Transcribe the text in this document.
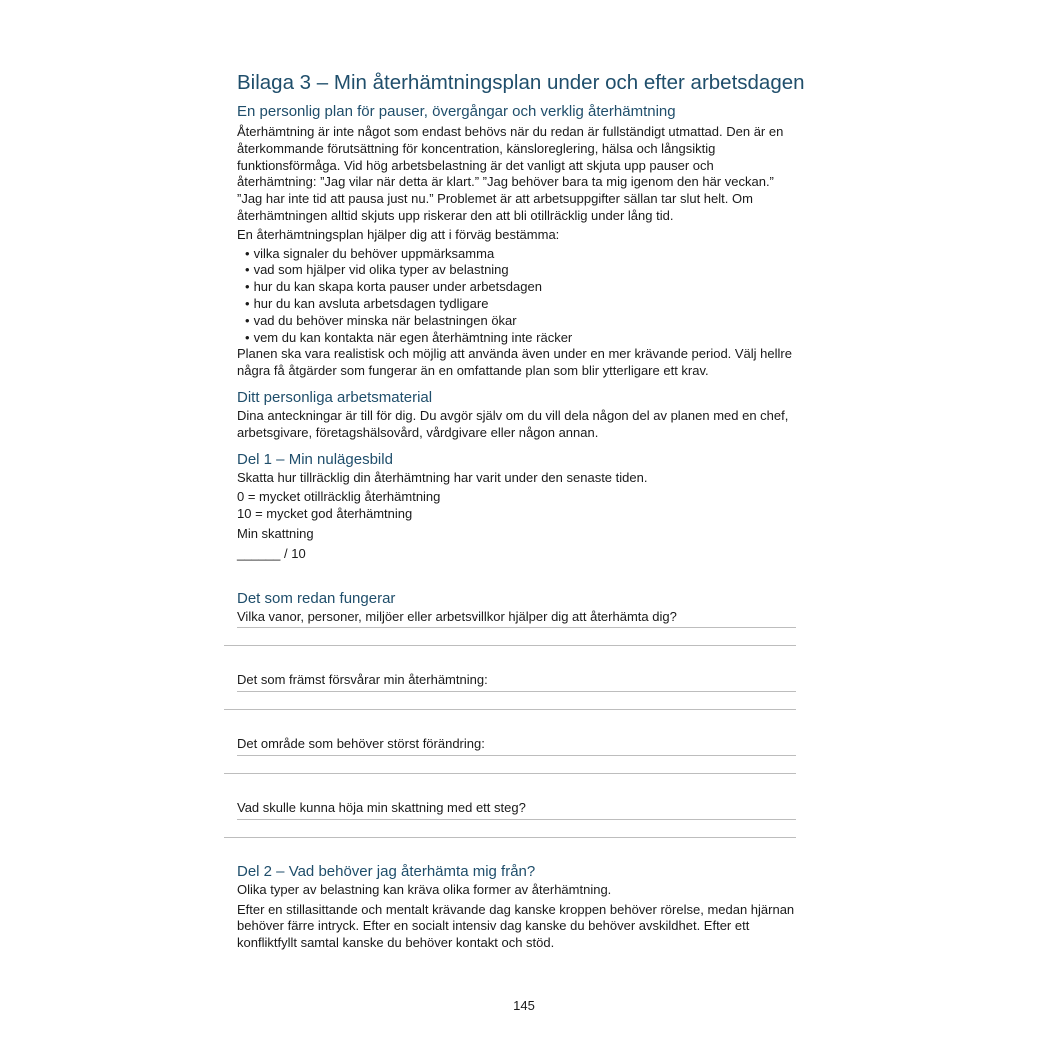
Bilaga 3 – Min återhämtningsplan under och efter arbetsdagen
En personlig plan för pauser, övergångar och verklig återhämtning

Återhämtning är inte något som endast behövs när du redan är fullständigt utmattad. Den är en

återkommande förutsättning för koncentration, känsloreglering, hälsa och långsiktig

funktionsförmåga. Vid hög arbetsbelastning är det vanligt att skjuta upp pauser och

återhämtning: ”Jag vilar när detta är klart.” ”Jag behöver bara ta mig igenom den här veckan.”

”Jag har inte tid att pausa just nu.” Problemet är att arbetsuppgifter sällan tar slut helt. Om

återhämtningen alltid skjuts upp riskerar den att bli otillräcklig under lång tid.

En återhämtningsplan hjälper dig att i förväg bestämma:

• vilka signaler du behöver uppmärksamma
• vad som hjälper vid olika typer av belastning
• hur du kan skapa korta pauser under arbetsdagen
• hur du kan avsluta arbetsdagen tydligare
• vad du behöver minska när belastningen ökar
• vem du kan kontakta när egen återhämtning inte räcker

Planen ska vara realistisk och möjlig att använda även under en mer krävande period. Välj hellre

några få åtgärder som fungerar än en omfattande plan som blir ytterligare ett krav.

Ditt personliga arbetsmaterial

Dina anteckningar är till för dig. Du avgör själv om du vill dela någon del av planen med en chef,

arbetsgivare, företagshälsovård, vårdgivare eller någon annan.

Del 1 – Min nulägesbild

Skatta hur tillräcklig din återhämtning har varit under den senaste tiden.

0 = mycket otillräcklig återhämtning

10 = mycket god återhämtning

Min skattning

______ / 10

Det som redan fungerar

Vilka vanor, personer, miljöer eller arbetsvillkor hjälper dig att återhämta dig?

Det som främst försvårar min återhämtning:

Det område som behöver störst förändring:

Vad skulle kunna höja min skattning med ett steg?

Del 2 – Vad behöver jag återhämta mig från?

Olika typer av belastning kan kräva olika former av återhämtning.

Efter en stillasittande och mentalt krävande dag kanske kroppen behöver rörelse, medan hjärnan

behöver färre intryck. Efter en socialt intensiv dag kanske du behöver avskildhet. Efter ett

konfliktfyllt samtal kanske du behöver kontakt och stöd.

145
